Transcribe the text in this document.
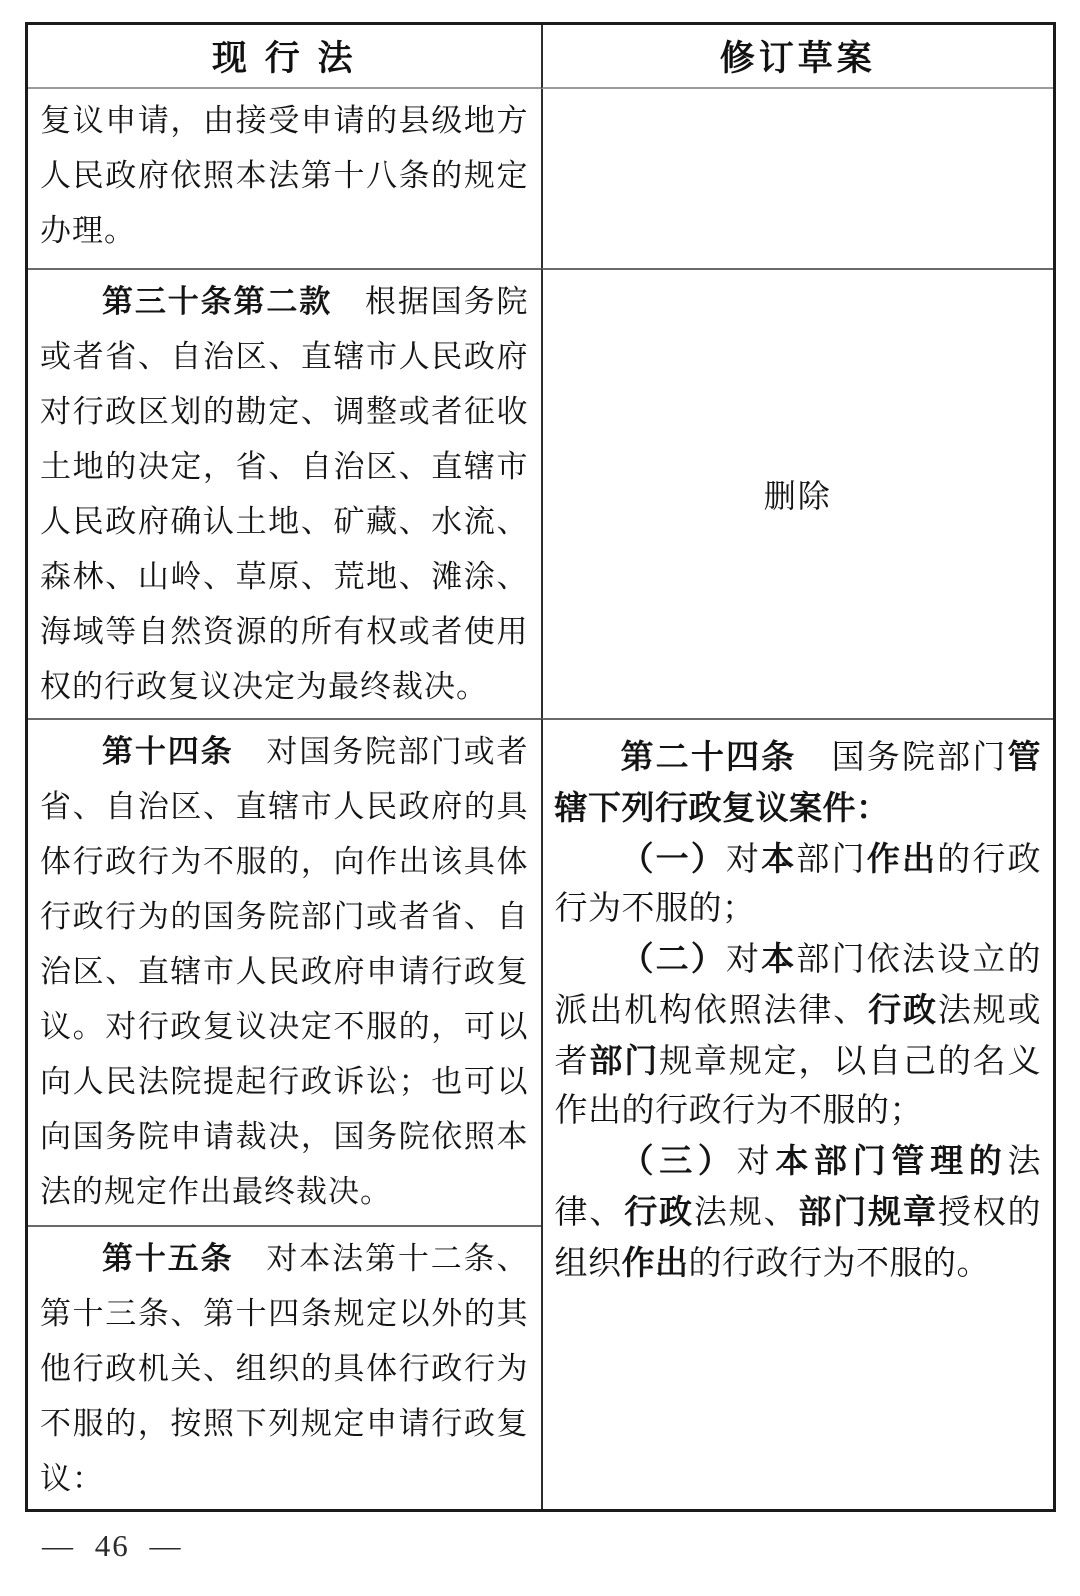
现 行 法	修订草案

复议申请，由接受申请的县级地方人民政府依照本法第十八条的规定办理。

第三十条第二款　根据国务院或者省、自治区、直辖市人民政府对行政区划的勘定、调整或者征收土地的决定，省、自治区、直辖市人民政府确认土地、矿藏、水流、森林、山岭、草原、荒地、滩涂、海域等自然资源的所有权或者使用权的行政复议决定为最终裁决。

删除

第十四条　对国务院部门或者省、自治区、直辖市人民政府的具体行政行为不服的，向作出该具体行政行为的国务院部门或者省、自治区、直辖市人民政府申请行政复议。对行政复议决定不服的，可以向人民法院提起行政诉讼；也可以向国务院申请裁决，国务院依照本法的规定作出最终裁决。

第二十四条　国务院部门管辖下列行政复议案件：

（一）对本部门作出的行政行为不服的；

（二）对本部门依法设立的派出机构依照法律、行政法规或者部门规章规定，以自己的名义作出的行政行为不服的；

（三）对本部门管理的法律、行政法规、部门规章授权的组织作出的行政行为不服的。

第十五条　对本法第十二条、第十三条、第十四条规定以外的其他行政机关、组织的具体行政行为不服的，按照下列规定申请行政复议：

— 46 —
